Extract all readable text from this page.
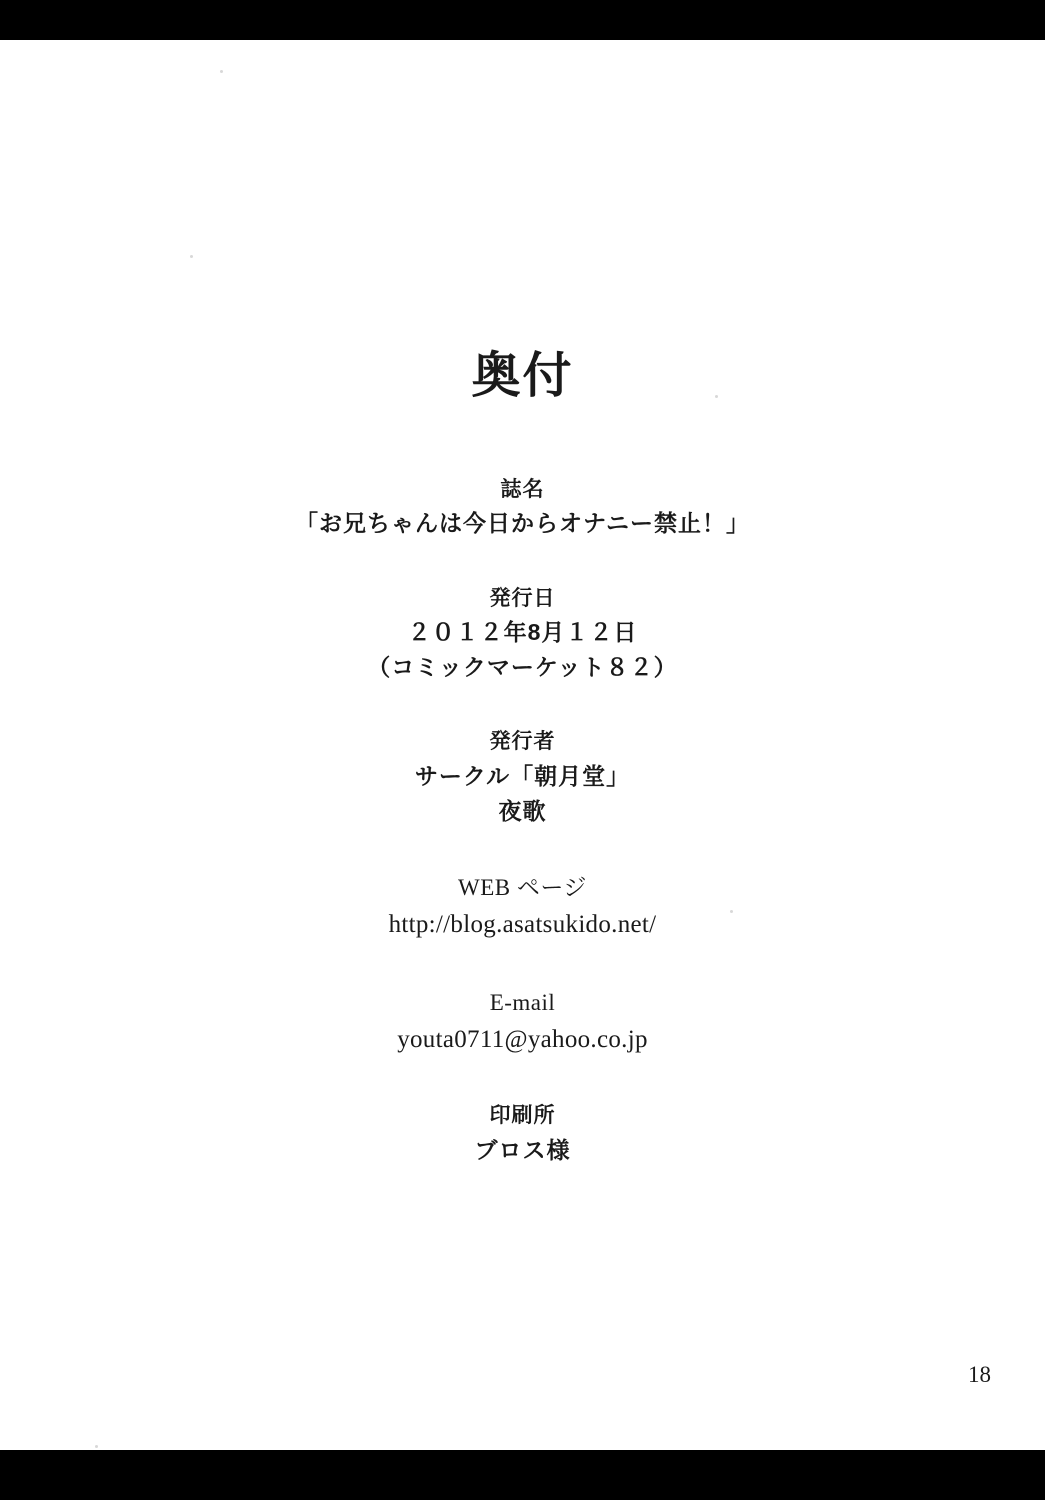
奥付
誌名
「お兄ちゃんは今日からオナニー禁止！」
発行日
２０１２年8月１２日
（コミックマーケット８２）
発行者
サークル「朝月堂」
夜歌
WEB ページ
http://blog.asatsukido.net/
E-mail
youta0711@yahoo.co.jp
印刷所
ブロス様
18
